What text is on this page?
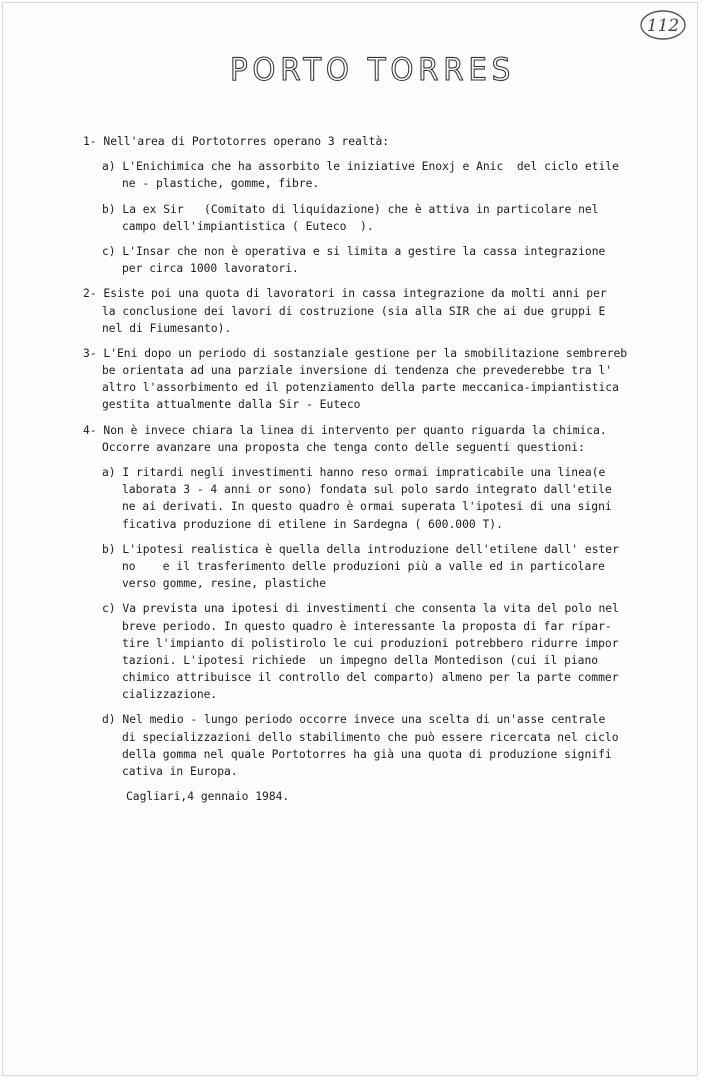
112
PORTO TORRES
1- Nell'area di Portotorres operano 3 realtà:
a) L'Enichimica che ha assorbito le iniziative Enoxj e Anic  del ciclo etile
ne - plastiche, gomme, fibre.
b) La ex Sir   (Comitato di liquidazione) che è attiva in particolare nel
campo dell'impiantistica ( Euteco  ).
c) L'Insar che non è operativa e si limita a gestire la cassa integrazione
per circa 1000 lavoratori.
2- Esiste poi una quota di lavoratori in cassa integrazione da molti anni per
la conclusione dei lavori di costruzione (sia alla SIR che ai due gruppi E
nel di Fiumesanto).
3- L'Eni dopo un periodo di sostanziale gestione per la smobilitazione sembrereb
be orientata ad una parziale inversione di tendenza che prevederebbe tra l'
altro l'assorbimento ed il potenziamento della parte meccanica-impiantistica
gestita attualmente dalla Sir - Euteco
4- Non è invece chiara la linea di intervento per quanto riguarda la chimica.
Occorre avanzare una proposta che tenga conto delle seguenti questioni:
a) I ritardi negli investimenti hanno reso ormai impraticabile una linea(e
laborata 3 - 4 anni or sono) fondata sul polo sardo integrato dall'etile
ne ai derivati. In questo quadro è ormai superata l'ipotesi di una signi
ficativa produzione di etilene in Sardegna ( 600.000 T).
b) L'ipotesi realistica è quella della introduzione dell'etilene dall' ester
no    e il trasferimento delle produzioni più a valle ed in particolare
verso gomme, resine, plastiche
c) Va prevista una ipotesi di investimenti che consenta la vita del polo nel
breve periodo. In questo quadro è interessante la proposta di far ripar-
tire l'impianto di polistirolo le cui produzioni potrebbero ridurre impor
tazioni. L'ipotesi richiede  un impegno della Montedison (cui il piano
chimico attribuisce il controllo del comparto) almeno per la parte commer
cializzazione.
d) Nel medio - lungo periodo occorre invece una scelta di un'asse centrale
di specializzazioni dello stabilimento che può essere ricercata nel ciclo
della gomma nel quale Portotorres ha già una quota di produzione signifi
cativa in Europa.
Cagliari,4 gennaio 1984.
